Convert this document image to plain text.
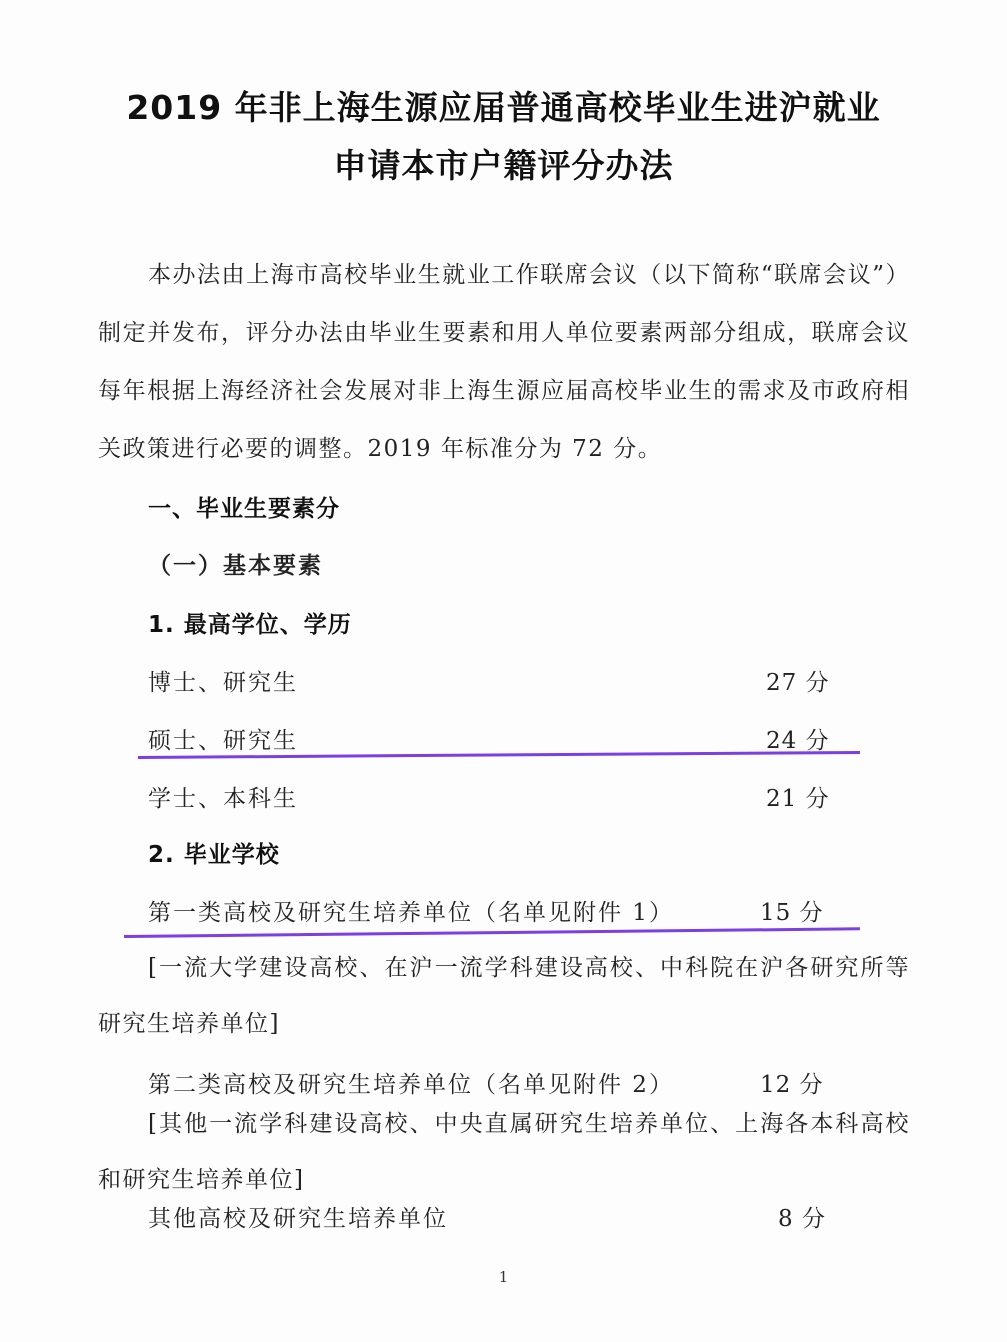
2019 年非上海生源应届普通高校毕业生进沪就业
申请本市户籍评分办法
本办法由上海市高校毕业生就业工作联席会议（以下简称“联席会议”）制定并发布，评分办法由毕业生要素和用人单位要素两部分组成，联席会议每年根据上海经济社会发展对非上海生源应届高校毕业生的需求及市政府相关政策进行必要的调整。2019 年标准分为 72 分。
一、毕业生要素分
（一）基本要素
1. 最高学位、学历
博士、研究生	27 分
硕士、研究生	24 分
学士、本科生	21 分
2. 毕业学校
第一类高校及研究生培养单位（名单见附件 1）	15 分
[一流大学建设高校、在沪一流学科建设高校、中科院在沪各研究所等研究生培养单位]
第二类高校及研究生培养单位（名单见附件 2）	12 分
[其他一流学科建设高校、中央直属研究生培养单位、上海各本科高校和研究生培养单位]
其他高校及研究生培养单位	8 分
1
